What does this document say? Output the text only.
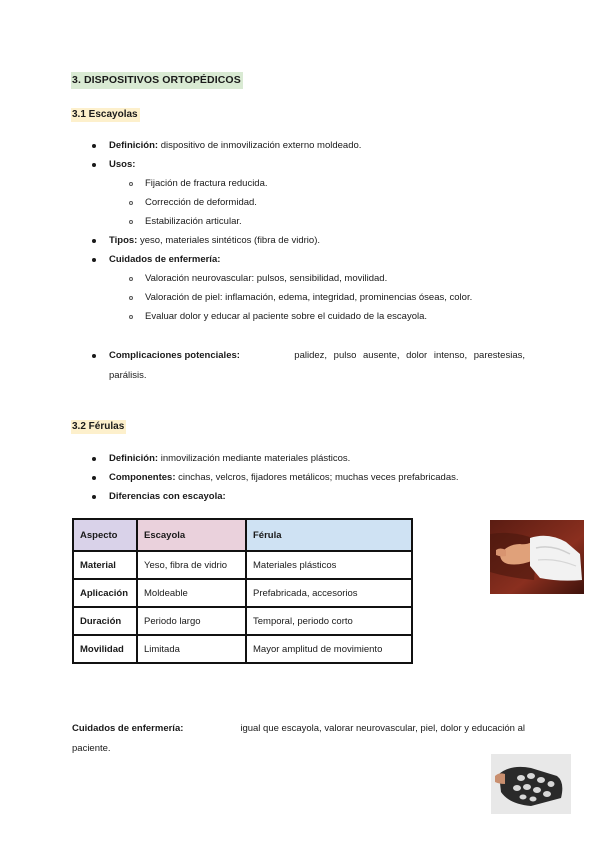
3. DISPOSITIVOS ORTOPÉDICOS
3.1 Escayolas
Definición: dispositivo de inmovilización externo moldeado.
Usos:
Fijación de fractura reducida.
Corrección de deformidad.
Estabilización articular.
Tipos: yeso, materiales sintéticos (fibra de vidrio).
Cuidados de enfermería:
Valoración neurovascular: pulsos, sensibilidad, movilidad.
Valoración de piel: inflamación, edema, integridad, prominencias óseas, color.
Evaluar dolor y educar al paciente sobre el cuidado de la escayola.
Complicaciones potenciales:	palidez, pulso ausente, dolor intenso, parestesias,
parálisis.
3.2 Férulas
Definición: inmovilización mediante materiales plásticos.
Componentes: cinchas, velcros, fijadores metálicos; muchas veces prefabricadas.
Diferencias con escayola:
Aspecto	Escayola	Férula
Material	Yeso, fibra de vidrio	Materiales plásticos
Aplicación	Moldeable	Prefabricada, accesorios
Duración	Periodo largo	Temporal, periodo corto
Movilidad	Limitada	Mayor amplitud de movimiento
Cuidados de enfermería:	igual que escayola, valorar neurovascular, piel, dolor y educación al
paciente.
